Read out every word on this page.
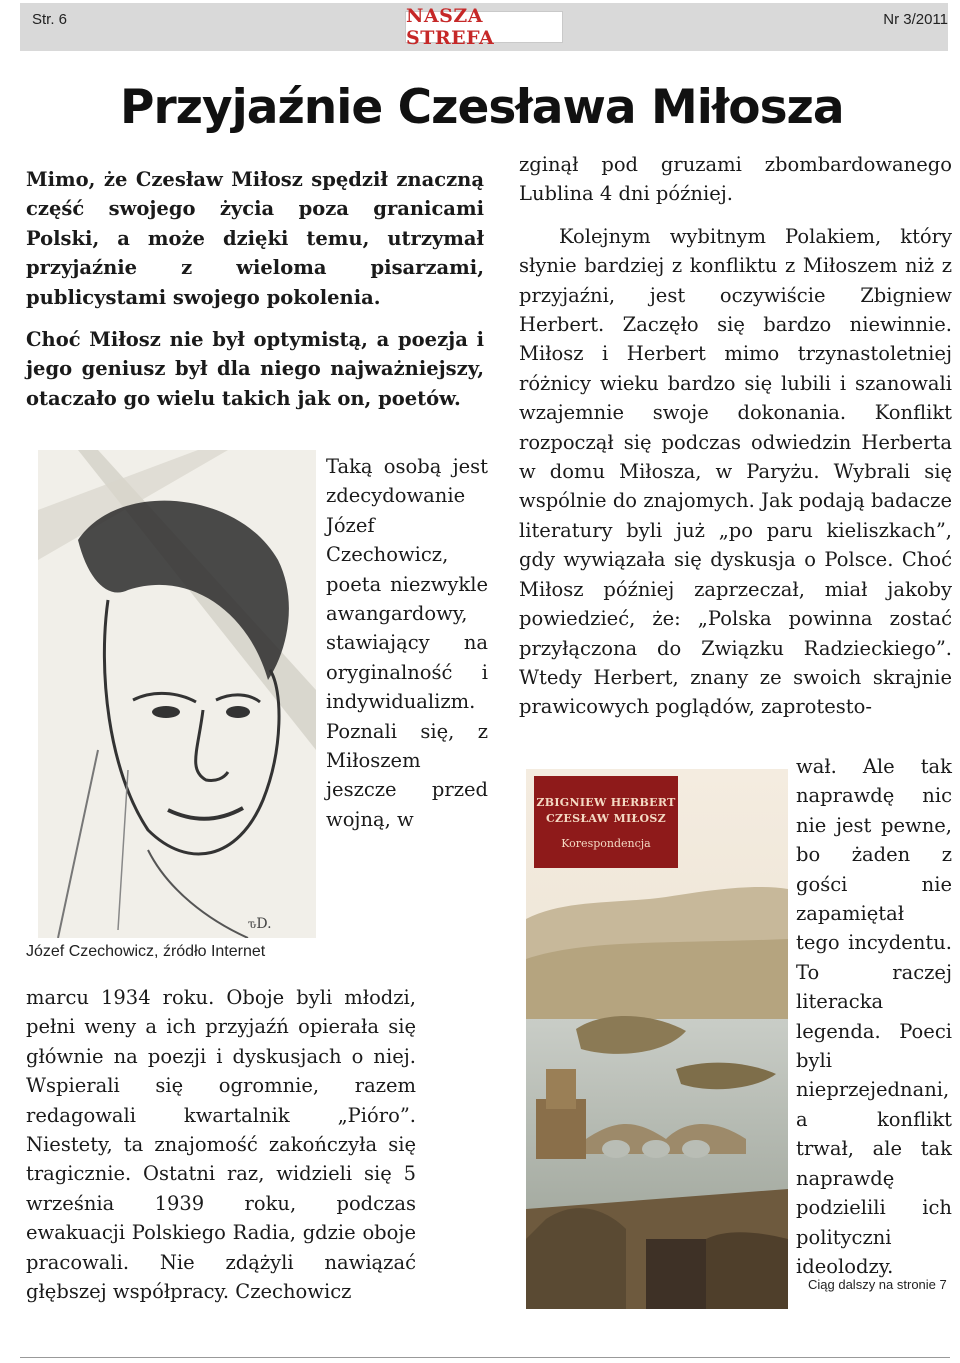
Str. 6	Nr 3/2011
NASZA STREFA
Przyjaźnie Czesława Miłosza

Mimo, że Czesław Miłosz spędził znaczną część swojego życia poza granicami Polski, a może dzięki temu, utrzymał przyjaźnie z wieloma pisarzami, publicystami swojego pokolenia.

Choć Miłosz nie był optymistą, a poezja i jego geniusz był dla niego najważniejszy, otaczało go wielu takich jak on, poetów.

ԏD.
Taką osobą jest zdecydowanie Józef Czechowicz, poeta niezwykle awangardowy, stawiający na oryginalność i indywidualizm. Poznali się, z Miłoszem jeszcze przed wojną, w
Józef Czechowicz, źródło Internet
marcu 1934 roku. Oboje byli młodzi, pełni weny a ich przyjaźń opierała się głównie na poezji i dyskusjach o niej. Wspierali się ogromnie, razem redagowali kwartalnik „Pióro”. Niestety, ta znajomość zakończyła się tragicznie. Ostatni raz, widzieli się 5 września 1939 roku, podczas ewakuacji Polskiego Radia, gdzie oboje pracowali. Nie zdążyli nawiązać głębszej współpracy. Czechowicz

zginął pod gruzami zbombardowanego Lublina 4 dni później.

Kolejnym wybitnym Polakiem, który słynie bardziej z konfliktu z Miłoszem niż z przyjaźni, jest oczywiście Zbigniew Herbert. Zaczęło się bardzo niewinnie. Miłosz i Herbert mimo trzynastoletniej różnicy wieku bardzo się lubili i szanowali wzajemnie swoje dokonania. Konflikt rozpoczął się podczas odwiedzin Herberta w domu Miłosza, w Paryżu. Wybrali się wspólnie do znajomych. Jak podają badacze literatury byli już „po paru kieliszkach”, gdy wywiązała się dyskusja o Polsce. Choć Miłosz później zaprzeczał, miał jakoby powiedzieć, że: „Polska powinna zostać przyłączona do Związku Radzieckiego”. Wtedy Herbert, znany ze swoich skrajnie prawicowych poglądów, zaprotesto-

ZBIGNIEW HERBERT
CZESŁAW MIŁOSZ
Korespondencja
wał. Ale tak naprawdę nic nie jest pewne, bo żaden z gości nie zapamiętał tego incydentu. To raczej literacka legenda. Poeci byli nieprzejednani, a konflikt trwał, ale tak naprawdę podzielili ich polityczni ideolodzy.
Ciąg dalszy na stronie 7
